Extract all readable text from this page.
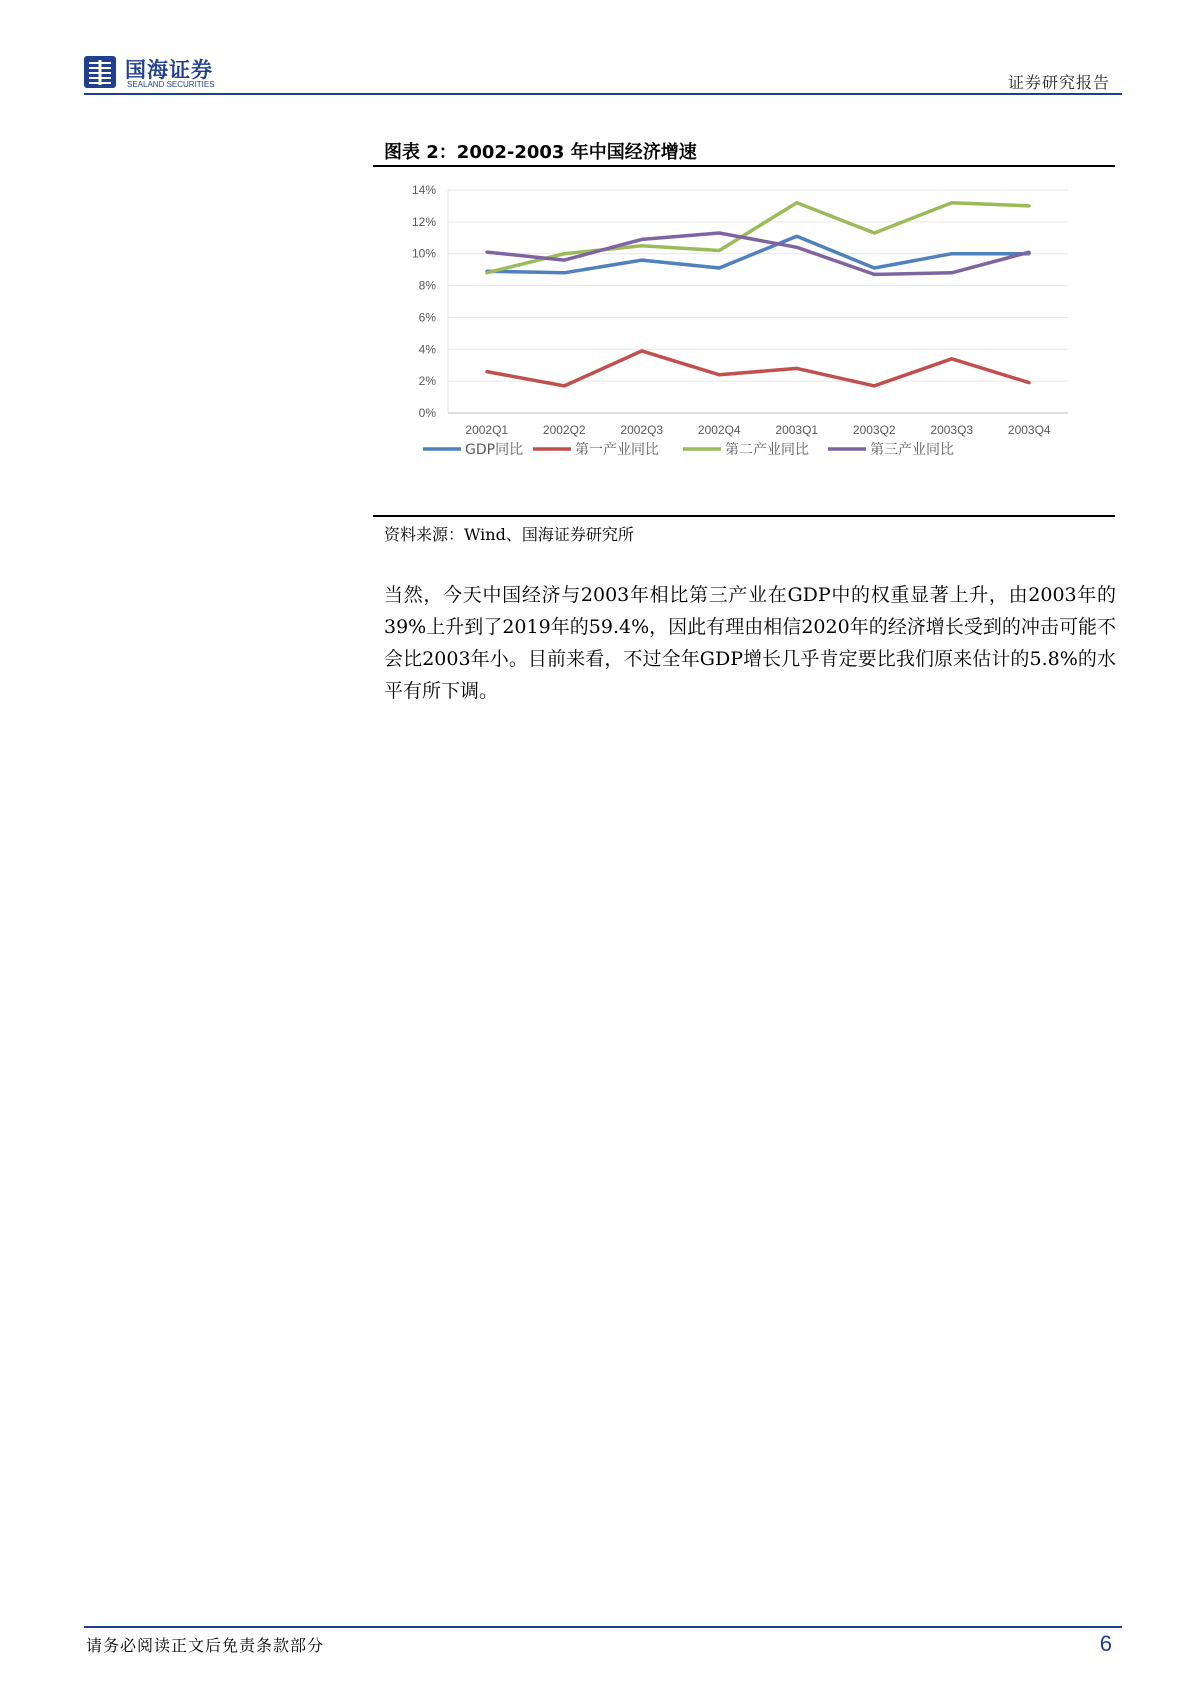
国海证券
SEALAND SECURITIES	证券研究报告
图表 2：2002-2003 年中国经济增速
0%
2%
4%
6%
8%
10%
12%
14%
2002Q1	2002Q2	2002Q3	2002Q4	2003Q1	2003Q2	2003Q3	2003Q4
GDP同比	第一产业同比	第二产业同比	第三产业同比
资料来源：Wind、国海证券研究所
当然，今天中国经济与2003年相比第三产业在GDP中的权重显著上升，由2003年的39%上升到了2019年的59.4%，因此有理由相信2020年的经济增长受到的冲击可能不会比2003年小。目前来看，不过全年GDP增长几乎肯定要比我们原来估计的5.8%的水平有所下调。
请务必阅读正文后免责条款部分	6
